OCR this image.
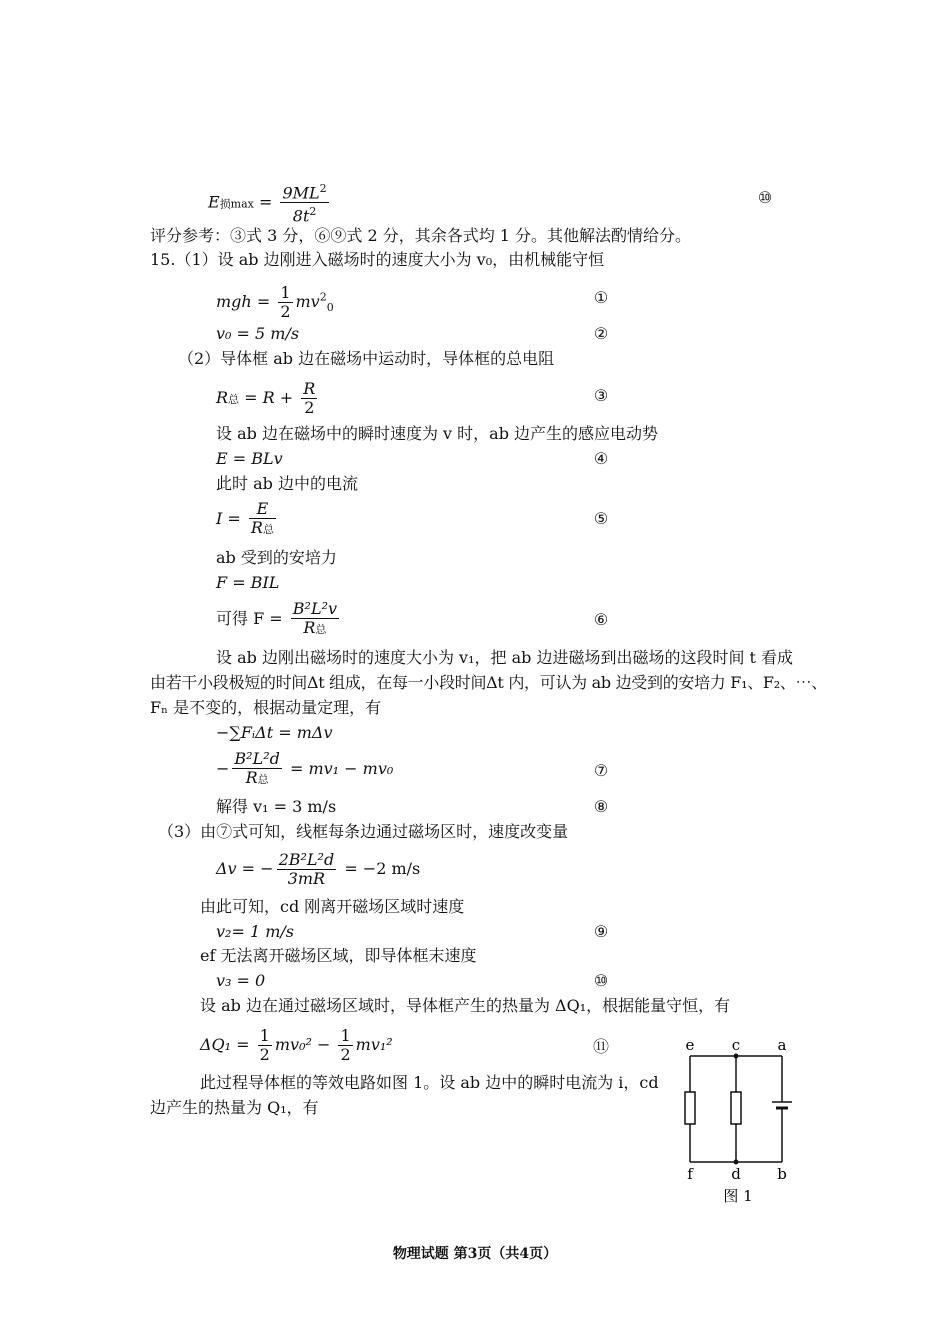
E损$\max = \frac{9ML^2}{8t^2}$	⑩
评分参考：③式 3 分，⑥⑨式 2 分，其余各式均 1 分。其他解法酌情给分。
15.（1）设 ab 边刚进入磁场时的速度大小为 v₀，由机械能守恒
mgh = $\frac{1}{2} mv^2_0$
①
v₀ = 5 m/s	②
（2）导体框 ab 边在磁场中运动时，导体框的总电阻
R总 = $R + \frac{R}{2}$	③
设 ab 边在磁场中的瞬时速度为 v 时，ab 边产生的感应电动势
E = BLv	④
此时 ab 边中的电流
$I = \frac{E}{\text{R总}}$	⑤
ab 受到的安培力
F = BIL
可得 $F = \frac{\text{B²L²v}}{\text{R总}}$	⑥
设 ab 边刚出磁场时的速度大小为 v₁，把 ab 边进磁场到出磁场的这段时间 t 看成
由若干小段极短的时间Δt 组成，在每一小段时间Δt 内，可认为 ab 边受到的安培力 F₁、F₂、⋯、
Fₙ 是不变的，根据动量定理，有
−∑FᵢΔt = mΔv
− $\frac{\text{B²L²d}}{\text{R总}} = mv_1 - mv_0$	⑦
解得 v₁ = 3 m/s	⑧
（3）由⑦式可知，线框每条边通过磁场区时，速度改变量
Δv = − $\frac{\text{2B²L²d}}{3mR} = -2$ m/s
由此可知，cd 刚离开磁场区域时速度
v₂= 1 m/s	⑨
ef 无法离开磁场区域，即导体框末速度
v₃ = 0	⑩
设 ab 边在通过磁场区域时，导体框产生的热量为 ΔQ₁，根据能量守恒，有
$\Delta Q_1 = \frac{1}{2} mv_0^2 - \frac{1}{2} mv_1^2$	⑪
此过程导体框的等效电路如图 1。设 ab 边中的瞬时电流为 i，cd
边产生的热量为 Q₁，有
e c a
f	d b
图 1
物理试题 第3页（共4页）
